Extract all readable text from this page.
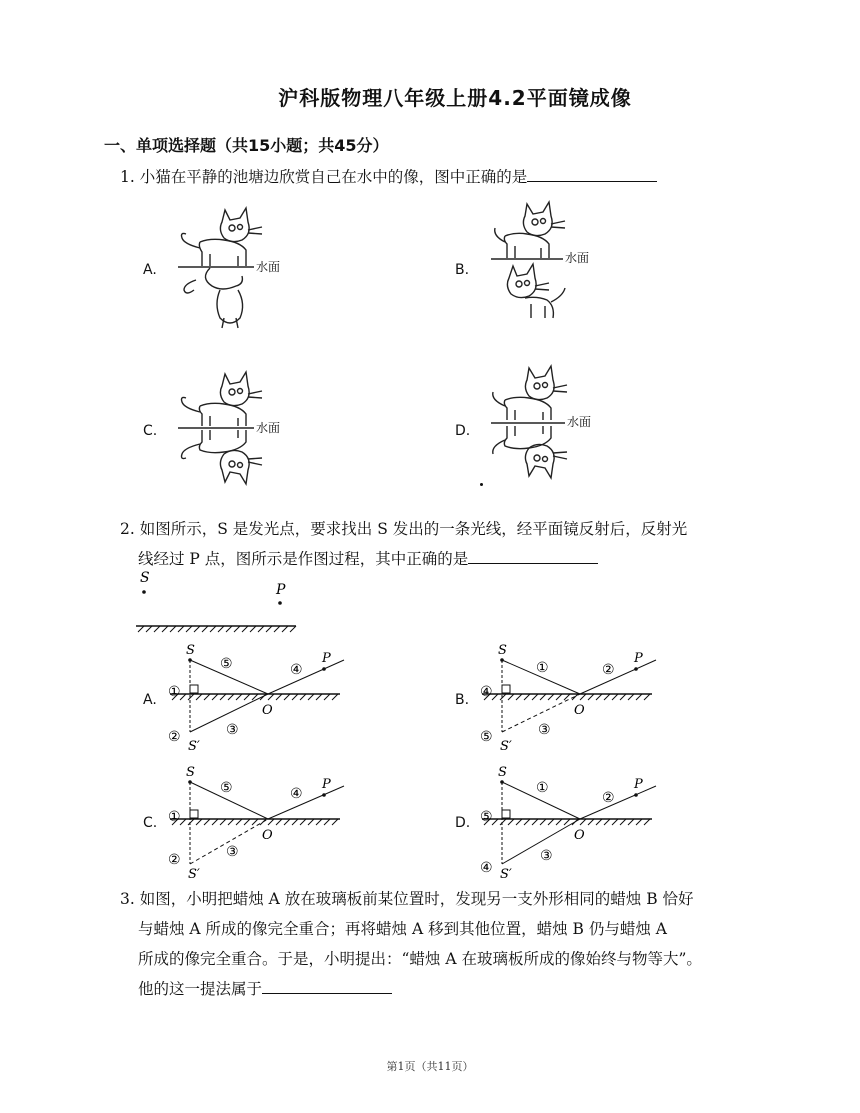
沪科版物理八年级上册4.2平面镜成像
一、单项选择题（共15小题；共45分）
1. 小猫在平静的池塘边欣赏自己在水中的像，图中正确的是
A.	B.
C.	D.
水面
水面
水面	水面
2. 如图所示，S 是发光点，要求找出 S 发出的一条光线，经平面镜反射后，反射光
线经过 P 点，图所示是作图过程，其中正确的是
S
P
A.	B.
C.	D.
S
P
O
S′
①
②	③
④
⑤
S
P
O
S′
④
⑤	③
②
①
S
P
O
S′
①
②	③
④
⑤
S
P
O
S′
⑤
④
③
②
①
3. 如图，小明把蜡烛 A 放在玻璃板前某位置时，发现另一支外形相同的蜡烛 B 恰好
与蜡烛 A 所成的像完全重合；再将蜡烛 A 移到其他位置，蜡烛 B 仍与蜡烛 A
所成的像完全重合。于是，小明提出：“蜡烛 A 在玻璃板所成的像始终与物等大”。
他的这一提法属于
第1页（共11页）
